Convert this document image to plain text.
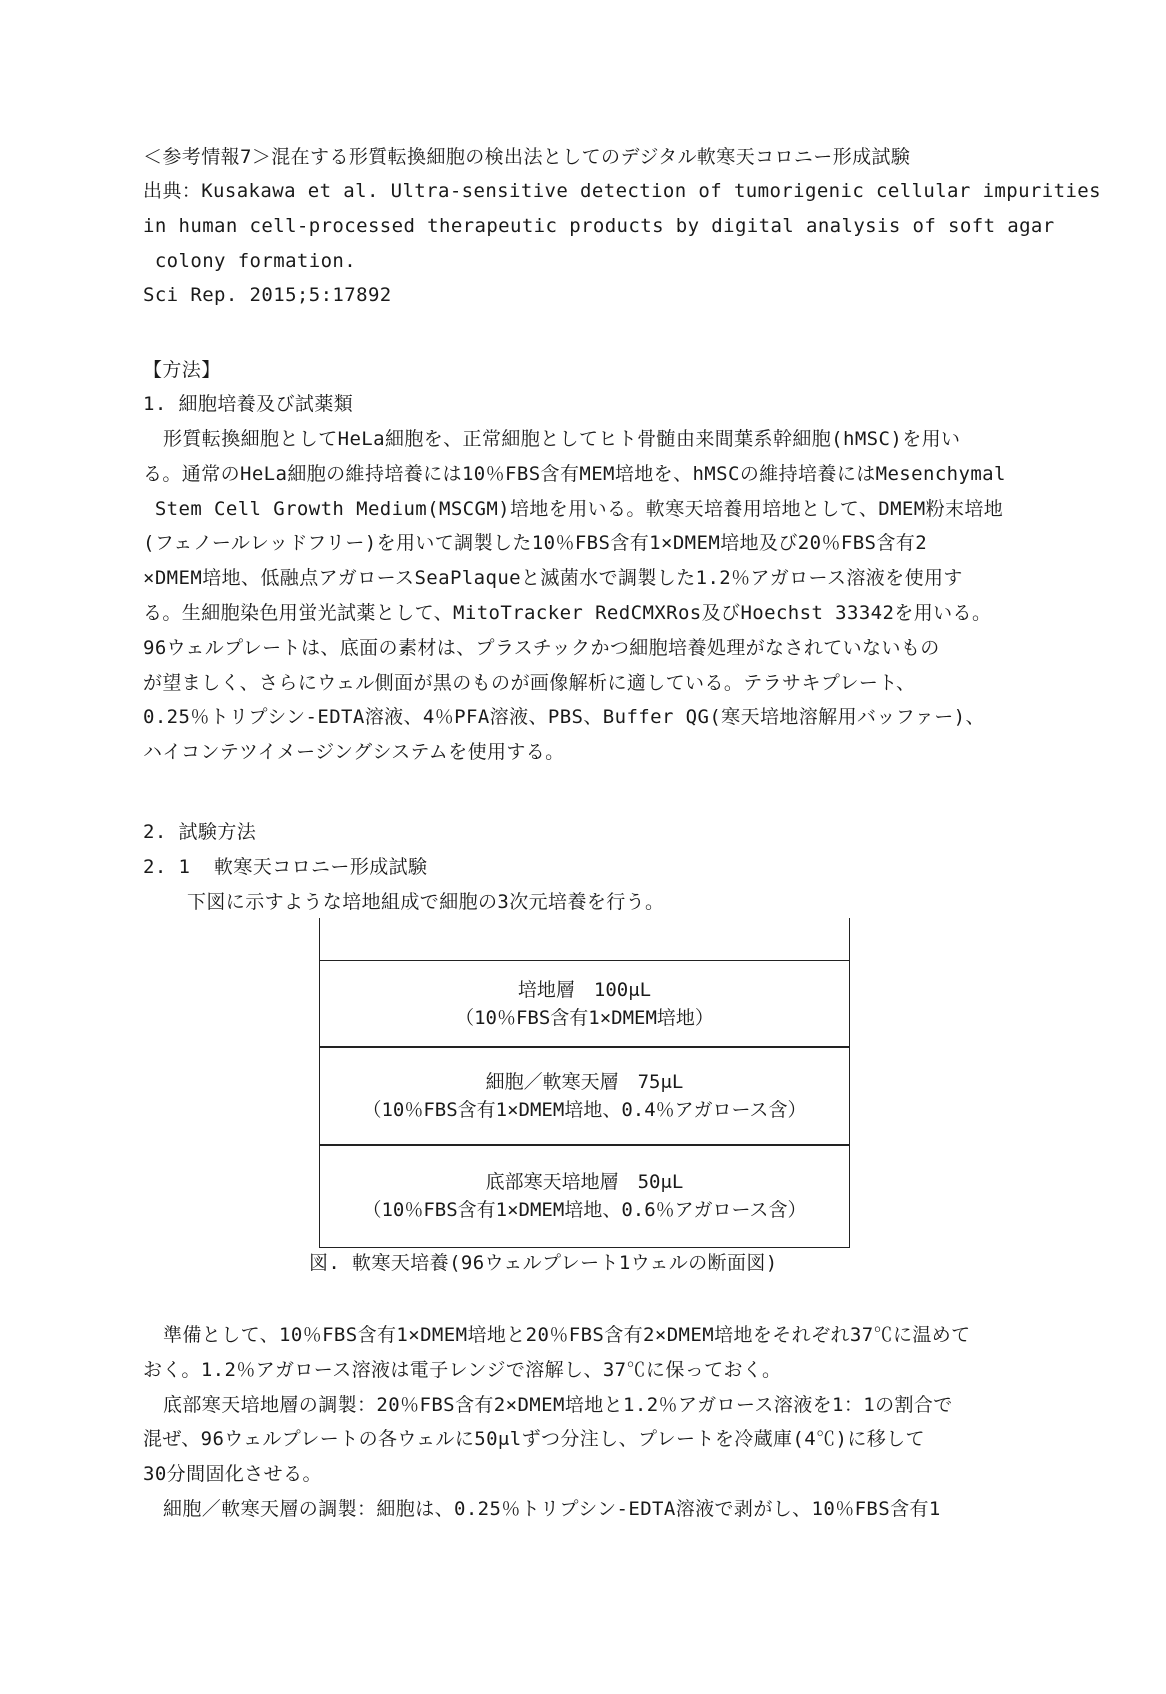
＜参考情報7＞混在する形質転換細胞の検出法としてのデジタル軟寒天コロニー形成試験
出典：Kusakawa et al. Ultra-sensitive detection of tumorigenic cellular impurities
in human cell-processed therapeutic products by digital analysis of soft agar
colony formation.
Sci Rep. 2015;5:17892
【方法】
1. 細胞培養及び試薬類
形質転換細胞としてHeLa細胞を、正常細胞としてヒト骨髄由来間葉系幹細胞(hMSC)を用い
る。通常のHeLa細胞の維持培養には10％FBS含有MEM培地を、hMSCの維持培養にはMesenchymal
Stem Cell Growth Medium(MSCGM)培地を用いる。軟寒天培養用培地として、DMEM粉末培地
(フェノールレッドフリー)を用いて調製した10％FBS含有1×DMEM培地及び20％FBS含有2
×DMEM培地、低融点アガロースSeaPlaqueと滅菌水で調製した1.2％アガロース溶液を使用す
る。生細胞染色用蛍光試薬として、MitoTracker RedCMXRos及びHoechst 33342を用いる。
96ウェルプレートは、底面の素材は、プラスチックかつ細胞培養処理がなされていないもの
が望ましく、さらにウェル側面が黒のものが画像解析に適している。テラサキプレート、
0.25％トリプシン-EDTA溶液、4％PFA溶液、PBS、Buffer QG(寒天培地溶解用バッファー)、
ハイコンテツイメージングシステムを使用する。
2. 試験方法
2. 1  軟寒天コロニー形成試験
下図に示すような培地組成で細胞の3次元培養を行う。
培地層　100μL
（10％FBS含有1×DMEM培地）
細胞／軟寒天層　75μL
（10％FBS含有1×DMEM培地、0.4％アガロース含）
底部寒天培地層　50μL
（10％FBS含有1×DMEM培地、0.6％アガロース含）
図. 軟寒天培養(96ウェルプレート1ウェルの断面図)
準備として、10％FBS含有1×DMEM培地と20％FBS含有2×DMEM培地をそれぞれ37℃に温めて
おく。1.2％アガロース溶液は電子レンジで溶解し、37℃に保っておく。
底部寒天培地層の調製：20％FBS含有2×DMEM培地と1.2％アガロース溶液を1：1の割合で
混ぜ、96ウェルプレートの各ウェルに50μlずつ分注し、プレートを冷蔵庫(4℃)に移して
30分間固化させる。
細胞／軟寒天層の調製：細胞は、0.25％トリプシン-EDTA溶液で剥がし、10％FBS含有1
